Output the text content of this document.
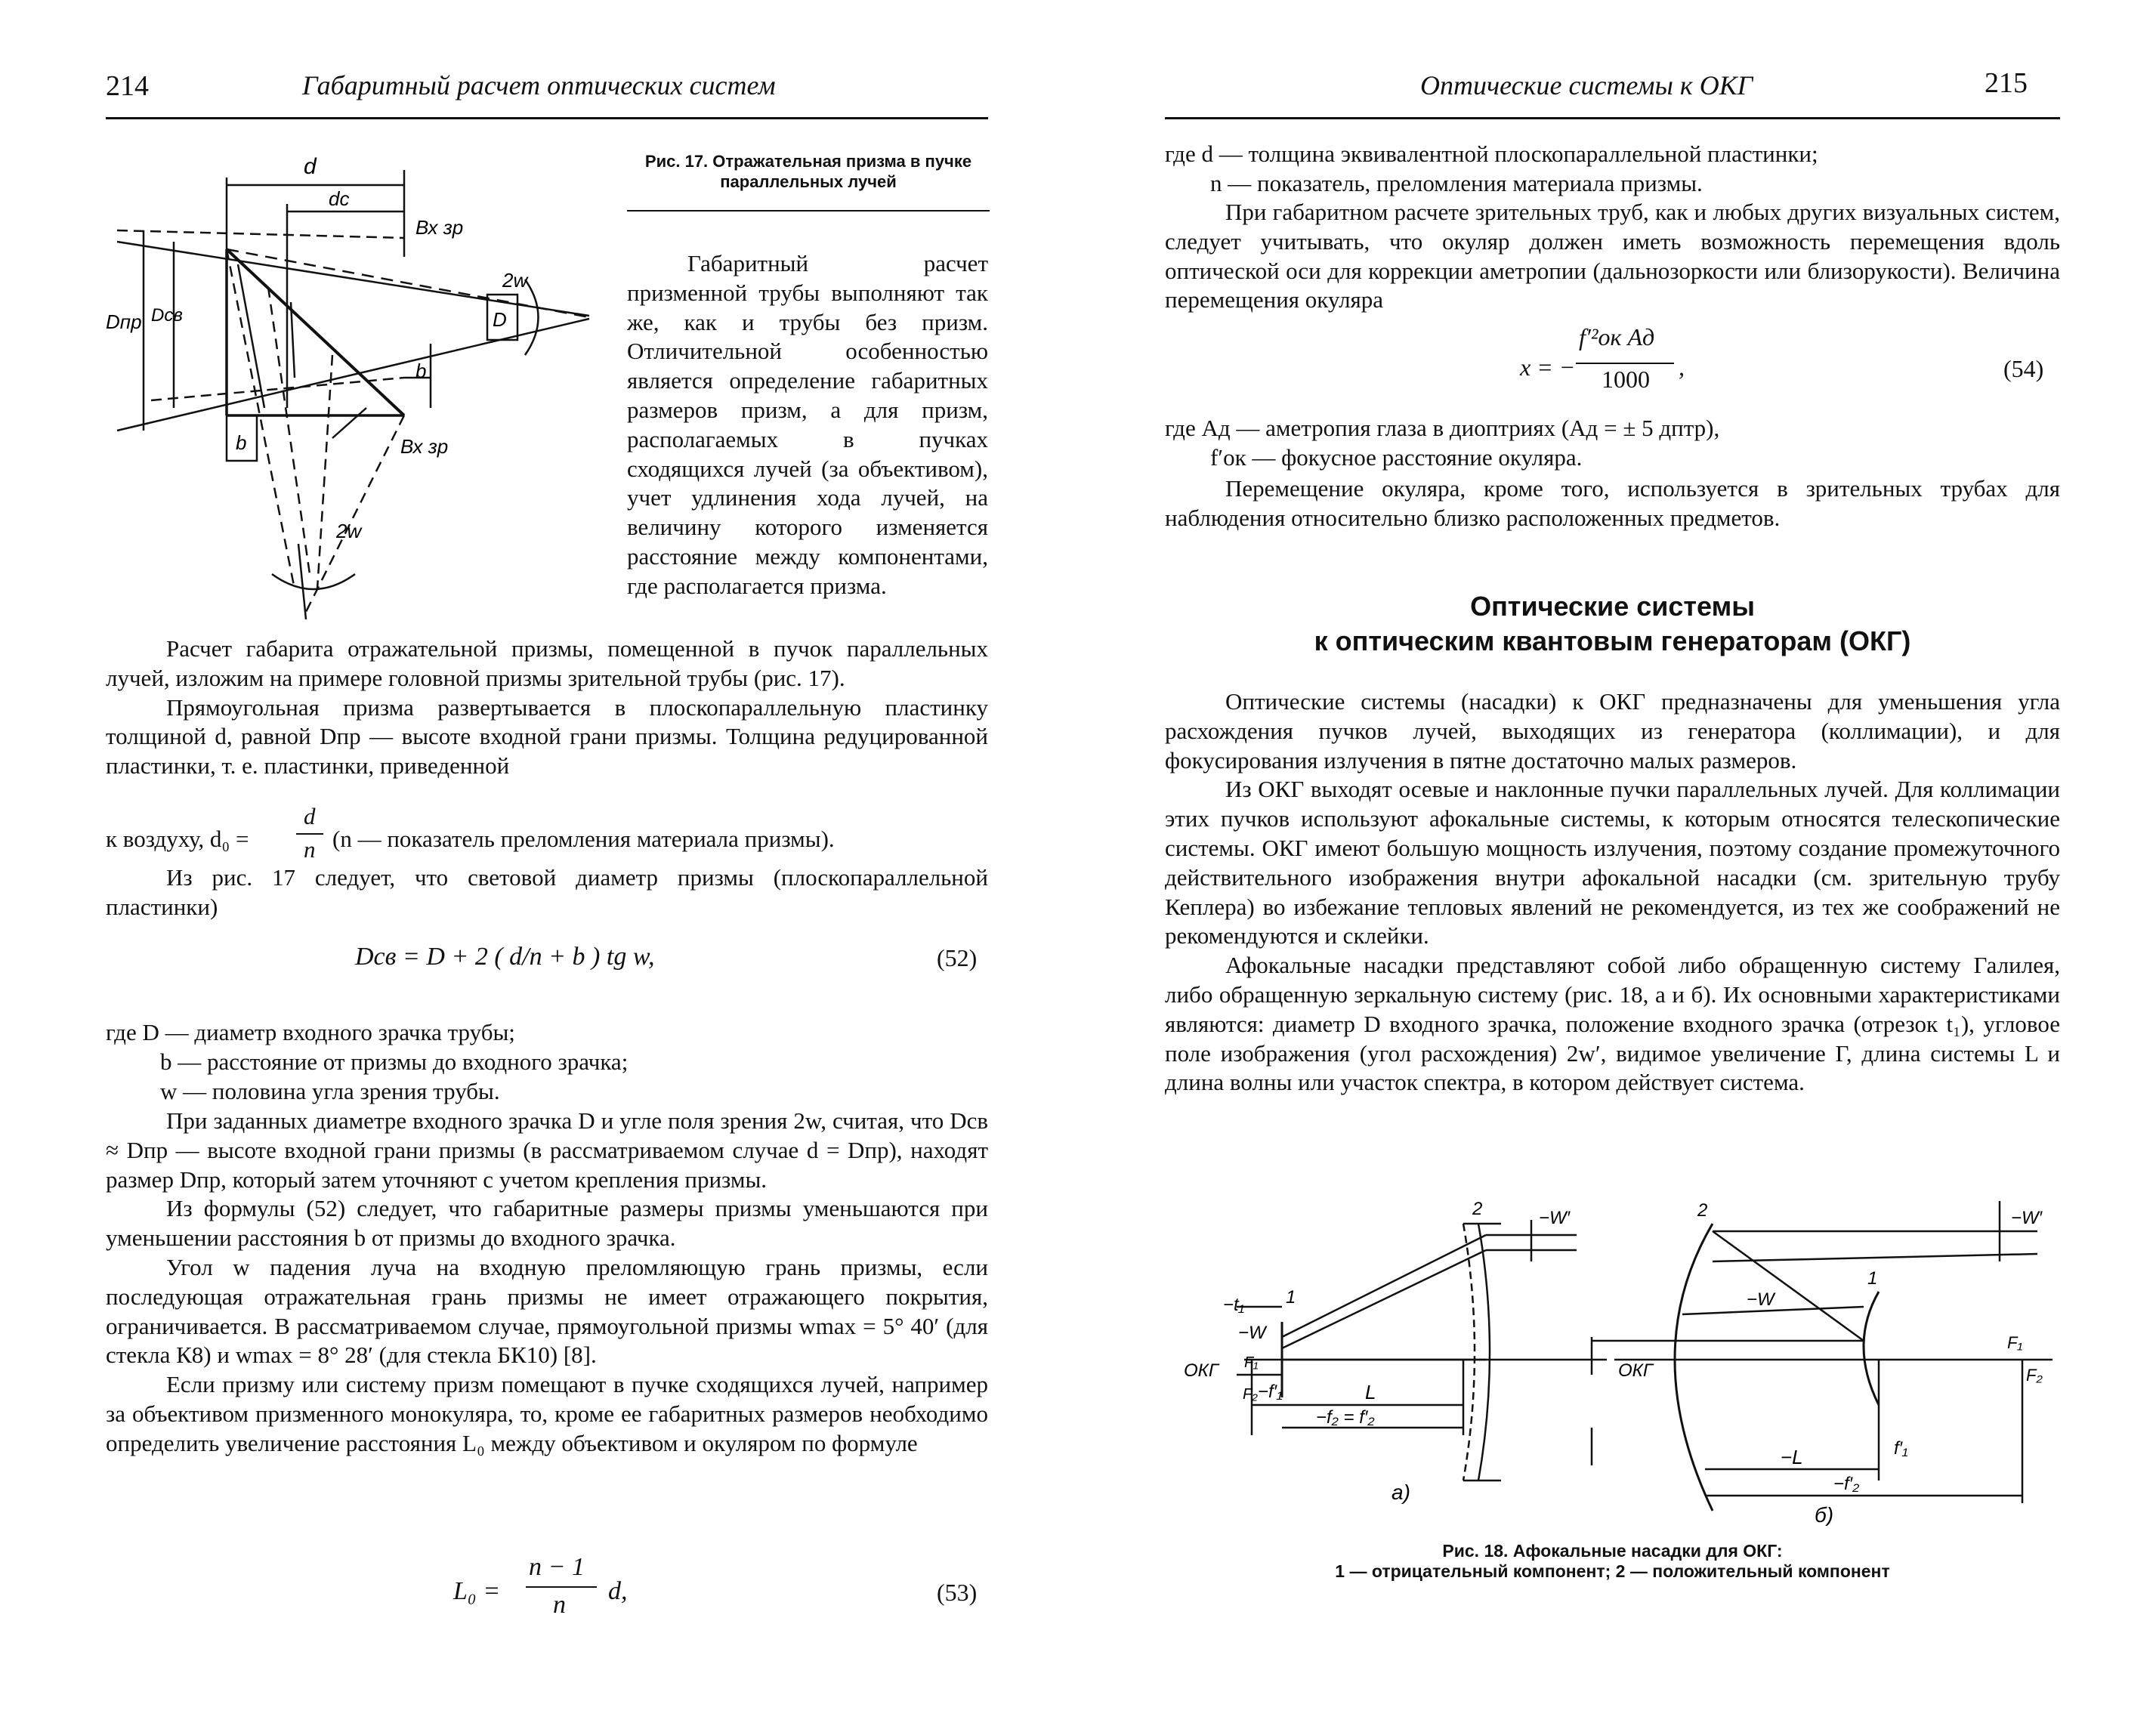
214	Габаритный расчет оптических систем
d
dc
Вх зр
2w
D
Dпр Dсв
b
b	Вх зр
2w
Рис. 17. Отражательная призма в пучке параллельных лучей

Габаритный расчет призменной трубы выполняют так же, как и трубы без призм. Отличительной особенностью является определение габаритных размеров призм, а для призм, располагаемых в пучках сходящихся лучей (за объективом), учет удлинения хода лучей, на величину которого изменяется расстояние между компонентами, где располагается призма.

Расчет габарита отражательной призмы, помещенной в пучок параллельных лучей, изложим на примере головной призмы зрительной трубы (рис. 17).

Прямоугольная призма развертывается в плоскопараллельную пластинку толщиной d, равной Dпр — высоте входной грани призмы. Толщина редуцированной пластинки, т. е. пластинки, приведенной

к воздуху, d₀ =
d
n (n — показатель преломления материала призмы).

Из рис. 17 следует, что световой диаметр призмы (плоскопараллельной пластинки)

Dсв = D + 2 ( d/n + b ) tg w,	(52)
где D — диаметр входного зрачка трубы;
b — расстояние от призмы до входного зрачка;
w — половина угла зрения трубы.

При заданных диаметре входного зрачка D и угле поля зрения 2w, считая, что Dсв ≈ Dпр — высоте входной грани призмы (в рассматриваемом случае d = Dпр), находят размер Dпр, который затем уточняют с учетом крепления призмы.

Из формулы (52) следует, что габаритные размеры призмы уменьшаются при уменьшении расстояния b от призмы до входного зрачка.

Угол w падения луча на входную преломляющую грань призмы, если последующая отражательная грань призмы не имеет отражающего покрытия, ограничивается. В рассматриваемом случае, прямоугольной призмы wmax = 5° 40′ (для стекла К8) и wmax = 8° 28′ (для стекла БК10) [8].

Если призму или систему призм помещают в пучке сходящихся лучей, например за объективом призменного монокуляра, то, кроме ее габаритных размеров необходимо определить увеличение расстояния L₀ между объективом и окуляром по формуле

L₀ =
n − 1
n d,	(53)
Оптические системы к ОКГ	215
где d — толщина эквивалентной плоскопараллельной пластинки;
n — показатель, преломления материала призмы.

При габаритном расчете зрительных труб, как и любых других визуальных систем, следует учитывать, что окуляр должен иметь возможность перемещения вдоль оптической оси для коррекции аметропии (дальнозоркости или близорукости). Величина перемещения окуляра

x = −
f′²ок Aд
1000 ,	(54)
где Aд — аметропия глаза в диоптриях (Aд = ± 5 дптр),
f′ок — фокусное расстояние окуляра.

Перемещение окуляра, кроме того, используется в зрительных трубах для наблюдения относительно близко расположенных предметов.

Оптические системы
к оптическим квантовым генераторам (ОКГ)

Оптические системы (насадки) к ОКГ предназначены для уменьшения угла расхождения пучков лучей, выходящих из генератора (коллимации), и для фокусирования излучения в пятне достаточно малых размеров.

Из ОКГ выходят осевые и наклонные пучки параллельных лучей. Для коллимации этих пучков используют афокальные системы, к которым относятся телескопические системы. ОКГ имеют большую мощность излучения, поэтому создание промежуточного действительного изображения внутри афокальной насадки (см. зрительную трубу Кеплера) во избежание тепловых явлений не рекомендуется, из тех же соображений не рекомендуются и склейки.

Афокальные насадки представляют собой либо обращенную систему Галилея, либо обращенную зеркальную систему (рис. 18, а и б). Их основными характеристиками являются: диаметр D входного зрачка, положение входного зрачка (отрезок t₁), угловое поле изображения (угол расхождения) 2w′, видимое увеличение Г, длина системы L и длина волны или участок спектра, в котором действует система.

−t₁ 1
2
−W
−W′
ОКГ F₁
F₂ −f′₁	L
−f₂ = f′₂
а)
2
1
−W
−W′
ОКГ
F₁
F₂
−L	f′₁
−f′₂
б)
Рис. 18. Афокальные насадки для ОКГ:
1 — отрицательный компонент; 2 — положительный компонент
